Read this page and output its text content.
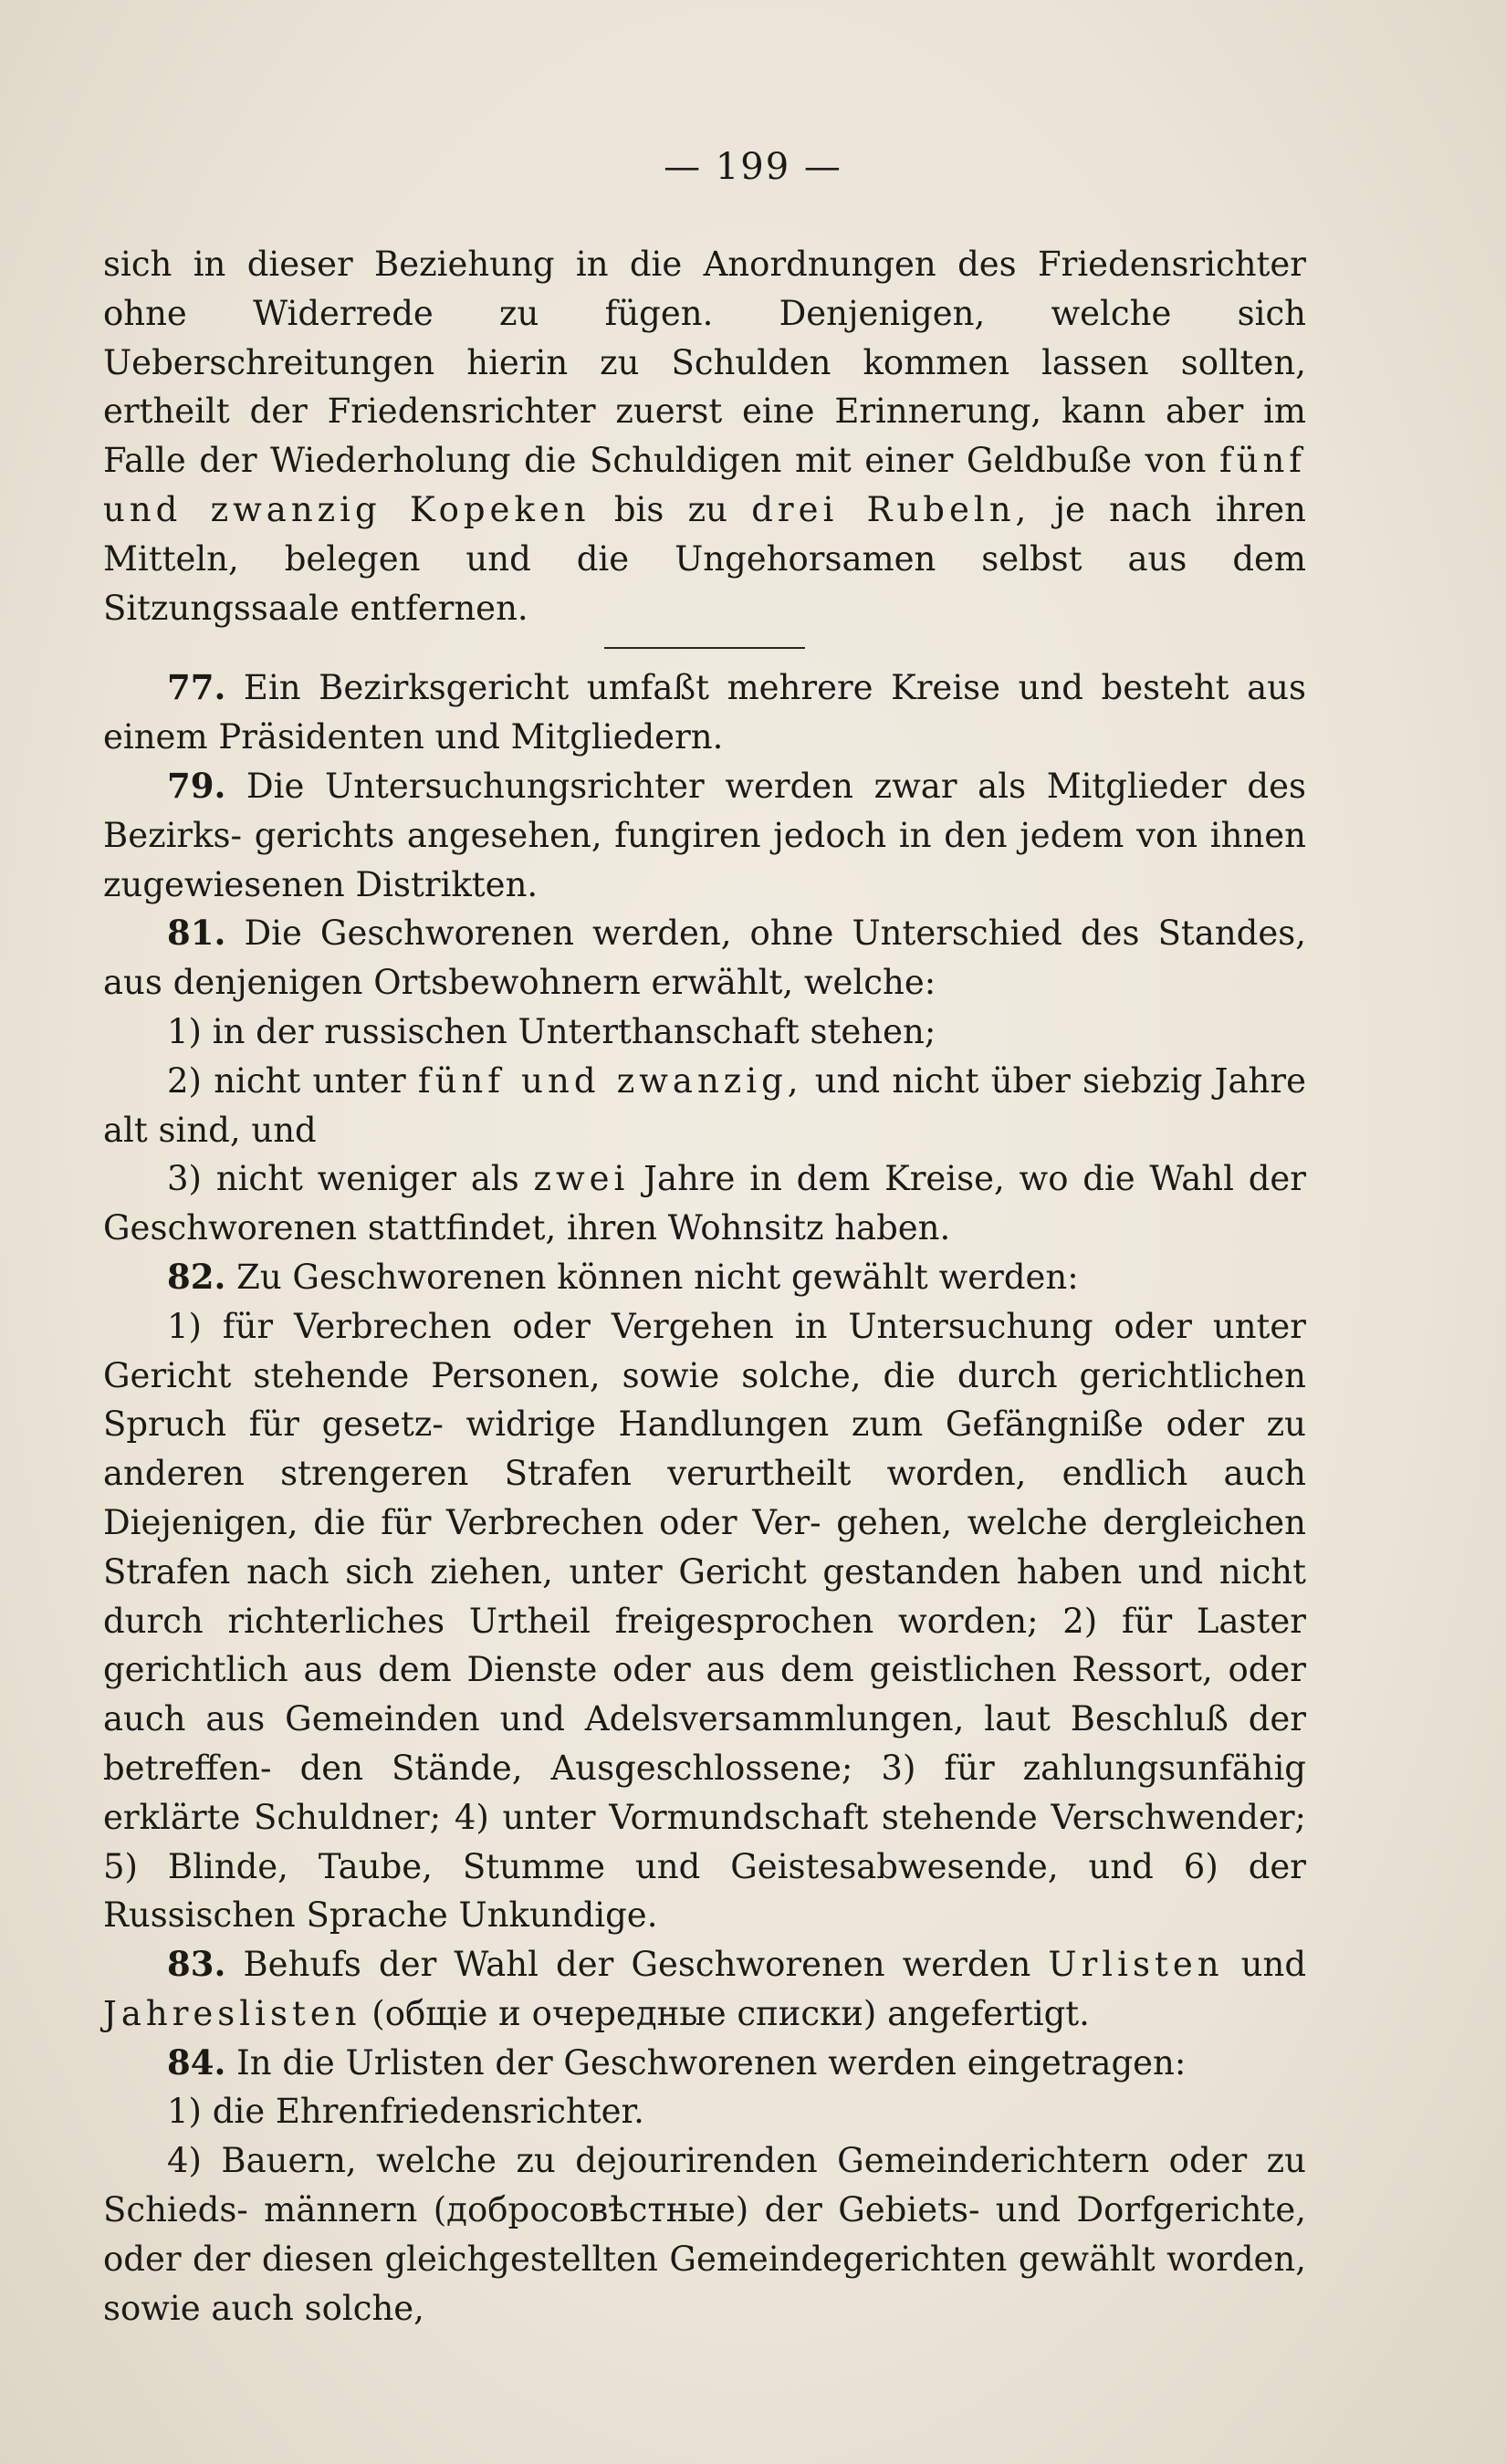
— 199 —

sich in dieser Beziehung in die Anordnungen des Friedensrichter ohne Widerrede zu fügen. Denjenigen, welche sich Ueberschreitungen hierin zu Schulden kommen lassen sollten, ertheilt der Friedensrichter zuerst eine Erinnerung, kann aber im Falle der Wiederholung die Schuldigen mit einer Geldbuße von fünf und zwanzig Kopeken bis zu drei Rubeln, je nach ihren Mitteln, belegen und die Ungehorsamen selbst aus dem Sitzungssaale entfernen.

77. Ein Bezirksgericht umfaßt mehrere Kreise und besteht aus einem Präsidenten und Mitgliedern.

79. Die Untersuchungsrichter werden zwar als Mitglieder des Bezirks- gerichts angesehen, fungiren jedoch in den jedem von ihnen zugewiesenen Distrikten.

81. Die Geschworenen werden, ohne Unterschied des Standes, aus denjenigen Ortsbewohnern erwählt, welche:

1) in der russischen Unterthanschaft stehen;

2) nicht unter fünf und zwanzig, und nicht über siebzig Jahre alt sind, und

3) nicht weniger als zwei Jahre in dem Kreise, wo die Wahl der Geschworenen stattfindet, ihren Wohnsitz haben.

82. Zu Geschworenen können nicht gewählt werden:

1) für Verbrechen oder Vergehen in Untersuchung oder unter Gericht stehende Personen, sowie solche, die durch gerichtlichen Spruch für gesetz- widrige Handlungen zum Gefängniße oder zu anderen strengeren Strafen verurtheilt worden, endlich auch Diejenigen, die für Verbrechen oder Ver- gehen, welche dergleichen Strafen nach sich ziehen, unter Gericht gestanden haben und nicht durch richterliches Urtheil freigesprochen worden; 2) für Laster gerichtlich aus dem Dienste oder aus dem geistlichen Ressort, oder auch aus Gemeinden und Adelsversammlungen, laut Beschluß der betreffen- den Stände, Ausgeschlossene; 3) für zahlungsunfähig erklärte Schuldner; 4) unter Vormundschaft stehende Verschwender; 5) Blinde, Taube, Stumme und Geistesabwesende, und 6) der Russischen Sprache Unkundige.

83. Behufs der Wahl der Geschworenen werden Urlisten und Jahreslisten (общіе и очередные списки) angefertigt.

84. In die Urlisten der Geschworenen werden eingetragen:

1) die Ehrenfriedensrichter.

4) Bauern, welche zu dejourirenden Gemeinderichtern oder zu Schieds- männern (добросовѣстные) der Gebiets- und Dorfgerichte, oder der diesen gleichgestellten Gemeindegerichten gewählt worden, sowie auch solche,
